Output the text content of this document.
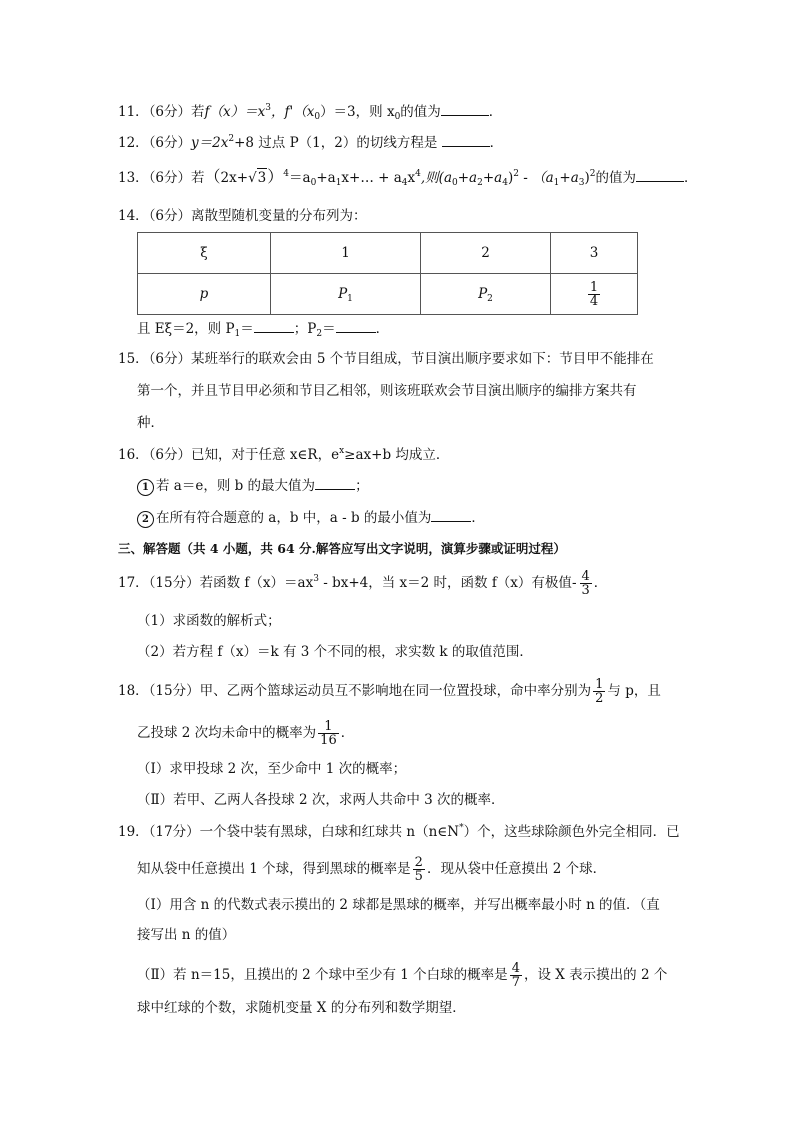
11．（6分）若$f(x)=x^3$，$f'(x_0)=3$，则 $x_0$的值为	．
12．（6分）$y=2x^2+8$ 过点 P（1，2）的切线方程是	．
13．（6分）若$(2x+√3)^4=a_0+a_1x+\dots + a_4x^4$,则$(a_0+a_2+a_4)^2 - (a_1+a_3)^2$的值为	．
14．（6分）离散型随机变量的分布列为：
ξ	1	2	3
p	$P_1$	$P_2$	$\frac{1}{4}$
且 Eξ＝2，则 $P_1=$	；$P_2=$	．
15．（6分）某班举行的联欢会由 5 个节目组成，节目演出顺序要求如下：节目甲不能排在
第一个，并且节目甲必须和节目乙相邻，则该班联欢会节目演出顺序的编排方案共有
种．
16．（6分）已知，对于任意 x∈R，$e^x\ge ax+b$ 均成立．
1 若 a＝e，则 b 的最大值为	；
2 在所有符合题意的 a，b 中，a - b 的最小值为	．
三、解答题（共 4 小题，共 64 分.解答应写出文字说明，演算步骤或证明过程）
17．（15分）若函数 $f(x)=ax^3 - bx+4$，当 x＝2 时，函数 f（x）有极值- $\frac{4}{3}$ ．
（1）求函数的解析式；
（2）若方程 f（x）＝k 有 3 个不同的根，求实数 k 的取值范围．
18．（15分）甲、乙两个篮球运动员互不影响地在同一位置投球，命中率分别为 $\frac{1}{2}$ 与 p，且
乙投球 2 次均未命中的概率为 $\frac{1}{16}$ ．
（Ⅰ）求甲投球 2 次，至少命中 1 次的概率；
（Ⅱ）若甲、乙两人各投球 2 次，求两人共命中 3 次的概率．
19．（17分）一个袋中装有黑球，白球和红球共 n（n∈N*）个，这些球除颜色外完全相同．已
知从袋中任意摸出 1 个球，得到黑球的概率是 $\frac{2}{5}$ ．现从袋中任意摸出 2 个球．
（Ⅰ）用含 n 的代数式表示摸出的 2 球都是黑球的概率，并写出概率最小时 n 的值．（直
接写出 n 的值）
（Ⅱ）若 n＝15，且摸出的 2 个球中至少有 1 个白球的概率是 $\frac{4}{7}$ ，设 X 表示摸出的 2 个
球中红球的个数，求随机变量 X 的分布列和数学期望．
